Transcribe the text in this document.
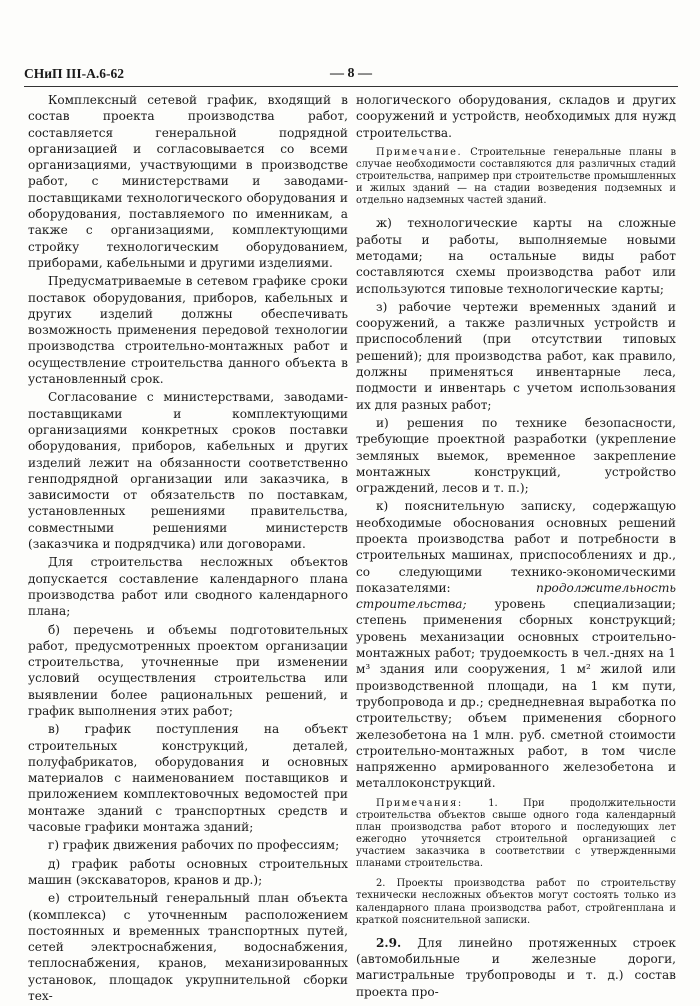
СНиП III-А.6-62	— 8 —

Комплексный сетевой график, входящий в состав проекта производства работ, составляется генеральной подрядной организацией и согласовывается со всеми организациями, участвующими в производстве работ, с министерствами и заводами-поставщиками технологического оборудования и оборудования, поставляемого по именникам, а также с организациями, комплектующими стройку технологическим оборудованием, приборами, кабельными и другими изделиями.

Предусматриваемые в сетевом графике сроки поставок оборудования, приборов, кабельных и других изделий должны обеспечивать возможность применения передовой технологии производства строительно-монтажных работ и осуществление строительства данного объекта в установленный срок.

Согласование с министерствами, заводами-поставщиками и комплектующими организациями конкретных сроков поставки оборудования, приборов, кабельных и других изделий лежит на обязанности соответственно генподрядной организации или заказчика, в зависимости от обязательств по поставкам, установленных решениями правительства, совместными решениями министерств (заказчика и подрядчика) или договорами.

Для строительства несложных объектов допускается составление календарного плана производства работ или сводного календарного плана;

б) перечень и объемы подготовительных работ, предусмотренных проектом организации строительства, уточненные при изменении условий осуществления строительства или выявлении более рациональных решений, и график выполнения этих работ;

в) график поступления на объект строительных конструкций, деталей, полуфабрикатов, оборудования и основных материалов с наименованием поставщиков и приложением комплектовочных ведомостей при монтаже зданий с транспортных средств и часовые графики монтажа зданий;

г) график движения рабочих по профессиям;

д) график работы основных строительных машин (экскаваторов, кранов и др.);

е) строительный генеральный план объекта (комплекса) с уточненным расположением постоянных и временных транспортных путей, сетей электроснабжения, водоснабжения, теплоснабжения, кранов, механизированных установок, площадок укрупнительной сборки тех-

нологического оборудования, складов и других сооружений и устройств, необходимых для нужд строительства.

Примечание. Строительные генеральные планы в случае необходимости составляются для различных стадий строительства, например при строительстве промышленных и жилых зданий — на стадии возведения подземных и отдельно надземных частей зданий.

ж) технологические карты на сложные работы и работы, выполняемые новыми методами; на остальные виды работ составляются схемы производства работ или используются типовые технологические карты;

з) рабочие чертежи временных зданий и сооружений, а также различных устройств и приспособлений (при отсутствии типовых решений); для производства работ, как правило, должны применяться инвентарные леса, подмости и инвентарь с учетом использования их для разных работ;

и) решения по технике безопасности, требующие проектной разработки (укрепление земляных выемок, временное закрепление монтажных конструкций, устройство ограждений, лесов и т. п.);

к) пояснительную записку, содержащую необходимые обоснования основных решений проекта производства работ и потребности в строительных машинах, приспособлениях и др., со следующими технико-экономическими показателями:	продолжительность строительства; уровень специализации; степень применения сборных конструкций; уровень механизации основных строительно-монтажных работ; трудоемкость в чел.-днях на 1 м³ здания или сооружения, 1 м² жилой или производственной площади, на 1 км пути, трубопровода и др.; среднедневная выработка по строительству; объем применения сборного железобетона на 1 млн. руб. сметной стоимости строительно-монтажных работ, в том числе напряженно армированного железобетона и металлоконструкций.

Примечания:	1. При продолжительности строительства объектов свыше одного года календарный план производства работ второго и последующих лет ежегодно уточняется строительной организацией с участием заказчика в соответствии с утвержденными планами строительства.

2. Проекты производства работ по строительству технически несложных объектов могут состоять только из календарного плана производства работ, стройгенплана и краткой пояснительной записки.

2.9. Для линейно протяженных строек (автомобильные и железные дороги, магистральные трубопроводы и т. д.) состав проекта про-
